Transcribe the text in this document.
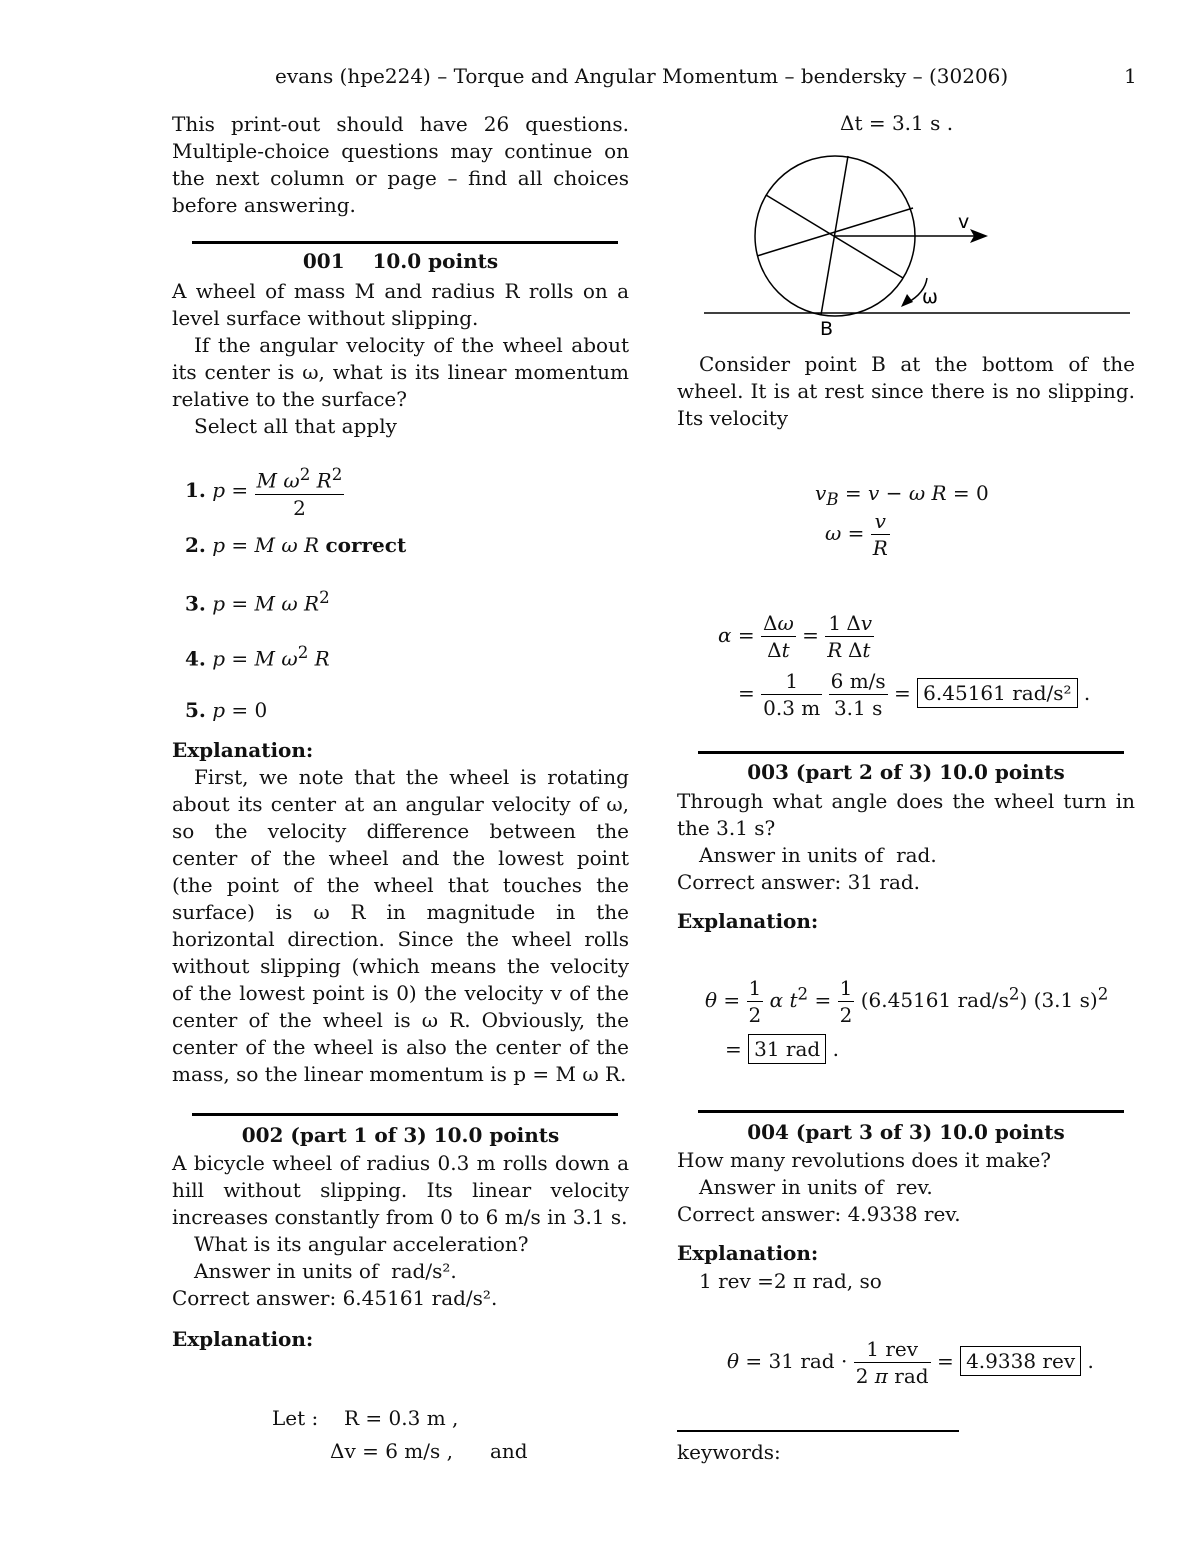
evans (hpe224) – Torque and Angular Momentum – bendersky – (30206)	1
This print-out should have 26 questions. Multiple-choice questions may continue on the next column or page – find all choices before answering.
001    10.0 points
A wheel of mass M and radius R rolls on a level surface without slipping.
If the angular velocity of the wheel about its center is ω, what is its linear momentum relative to the surface?
Select all that apply
1. $p = \frac{M \omega^2 R^2}{2}$
2. p = M ω R correct
3. p = M ω $R^2$
4. p = M $\omega^2$ R
5. p = 0
Explanation:
First, we note that the wheel is rotating about its center at an angular velocity of ω, so the velocity difference between the center of the wheel and the lowest point (the point of the wheel that touches the surface) is ω R in magnitude in the horizontal direction. Since the wheel rolls without slipping (which means the velocity of the lowest point is 0) the velocity v of the center of the wheel is ω R. Obviously, the center of the wheel is also the center of the mass, so the linear momentum is p = M ω R.
002 (part 1 of 3) 10.0 points
A bicycle wheel of radius 0.3 m rolls down a hill without slipping. Its linear velocity increases constantly from 0 to 6 m/s in 3.1 s.
What is its angular acceleration?
Answer in units of  rad/s².
Correct answer: 6.45161 rad/s².
Explanation:
Let : R = 0.3 m ,
Δv = 6 m/s , and
Δt = 3.1 s .
v
ω
B
Consider point B at the bottom of the wheel. It is at rest since there is no slipping. Its velocity
$v_B = v - \omega$ R = 0
$\omega = \frac{v}{R}$
$\alpha = \frac{\Delta\omega}{\Delta t} = \frac{1}{R} \frac{\Delta v}{\Delta t}$
= $\frac{1}{0.3 m}$
$\frac{6 m/s}{3.1 s} = 6.45161$ rad/s² .
003 (part 2 of 3) 10.0 points
Through what angle does the wheel turn in the 3.1 s?
Answer in units of  rad.
Correct answer: 31 rad.
Explanation:
$\theta = \frac{1}{2}$ α $t^2 = \frac{1}{2} (6.45161$ rad/$s^2$) (3.1 s)$^2$
= 31 rad .
004 (part 3 of 3) 10.0 points
How many revolutions does it make?
Answer in units of  rev.
Correct answer: 4.9338 rev.
Explanation:
1 rev =2 π rad, so
θ = 31 rad · $\frac{\text{1 rev}}{\text{2 π rad}} = 4.9338$ rev .
keywords:
